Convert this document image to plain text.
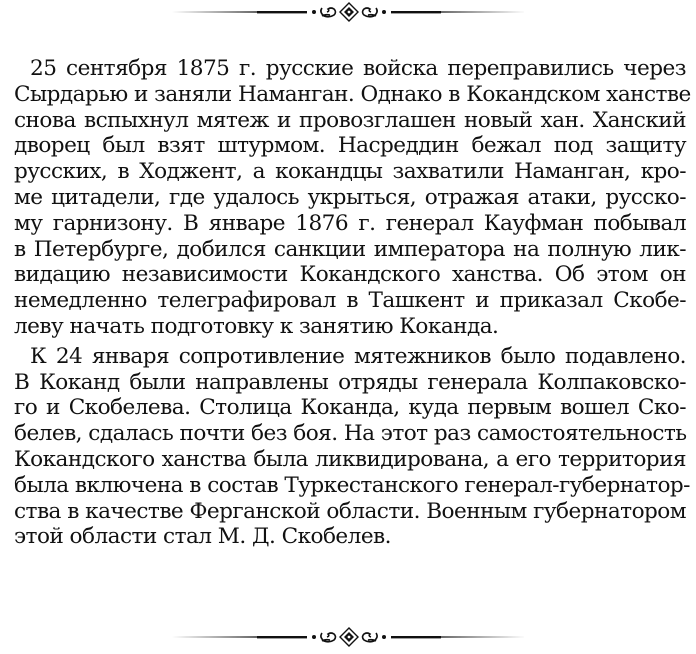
25 сентября 1875 г. русские войска переправились через
Сырдарью и заняли Наманган. Однако в Кокандском ханстве
снова вспыхнул мятеж и провозглашен новый хан. Ханский
дворец был взят штурмом. Насреддин бежал под защиту
русских, в Ходжент, а кокандцы захватили Наманган, кро-
ме цитадели, где удалось укрыться, отражая атаки, русско-
му гарнизону. В январе 1876 г. генерал Кауфман побывал
в Петербурге, добился санкции императора на полную лик-
видацию независимости Кокандского ханства. Об этом он
немедленно телеграфировал в Ташкент и приказал Скобе-
леву начать подготовку к занятию Коканда.
К 24 января сопротивление мятежников было подавлено.
В Коканд были направлены отряды генерала Колпаковско-
го и Скобелева. Столица Коканда, куда первым вошел Ско-
белев, сдалась почти без боя. На этот раз самостоятельность
Кокандского ханства была ликвидирована, а его территория
была включена в состав Туркестанского генерал-губернатор-
ства в качестве Ферганской области. Военным губернатором
этой области стал М. Д. Скобелев.
